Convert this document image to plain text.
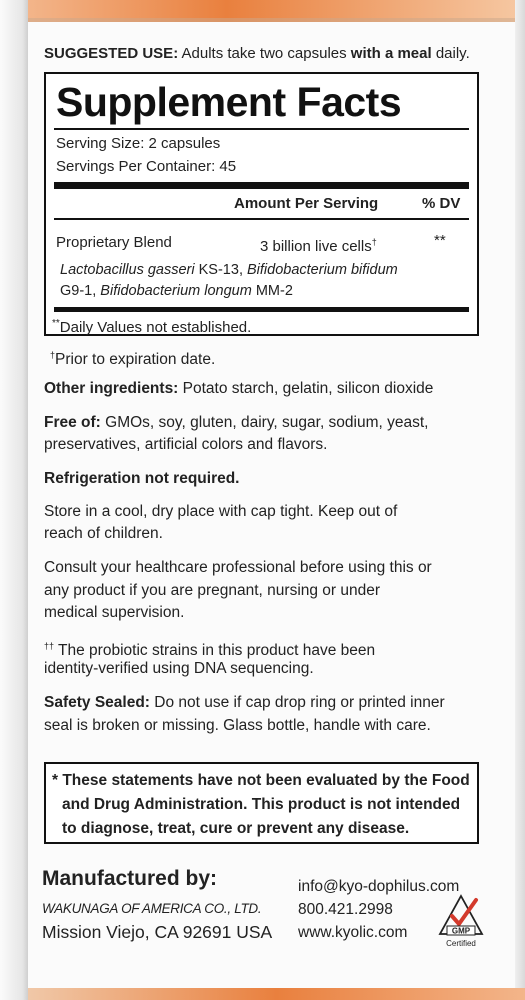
SUGGESTED USE: Adults take two capsules with a meal daily.
Supplement Facts
Serving Size: 2 capsules
Servings Per Container: 45
Amount Per Serving	% DV
Proprietary Blend	3 billion live cells†	**
Lactobacillus gasseri KS-13, Bifidobacterium bifidum
G9-1, Bifidobacterium longum MM-2
**Daily Values not established.
†Prior to expiration date.
Other ingredients: Potato starch, gelatin, silicon dioxide
Free of: GMOs, soy, gluten, dairy, sugar, sodium, yeast,
preservatives, artificial colors and flavors.
Refrigeration not required.
Store in a cool, dry place with cap tight. Keep out of
reach of children.
Consult your healthcare professional before using this or
any product if you are pregnant, nursing or under
medical supervision.
†† The probiotic strains in this product have been
identity-verified using DNA sequencing.
Safety Sealed: Do not use if cap drop ring or printed inner
seal is broken or missing. Glass bottle, handle with care.
* These statements have not been evaluated by the Food
and Drug Administration. This product is not intended
to diagnose, treat, cure or prevent any disease.
Manufactured by:
WAKUNAGA OF AMERICA CO., LTD.
Mission Viejo, CA 92691 USA
info@kyo-dophilus.com
800.421.2998
www.kyolic.com	GMP
Certified
